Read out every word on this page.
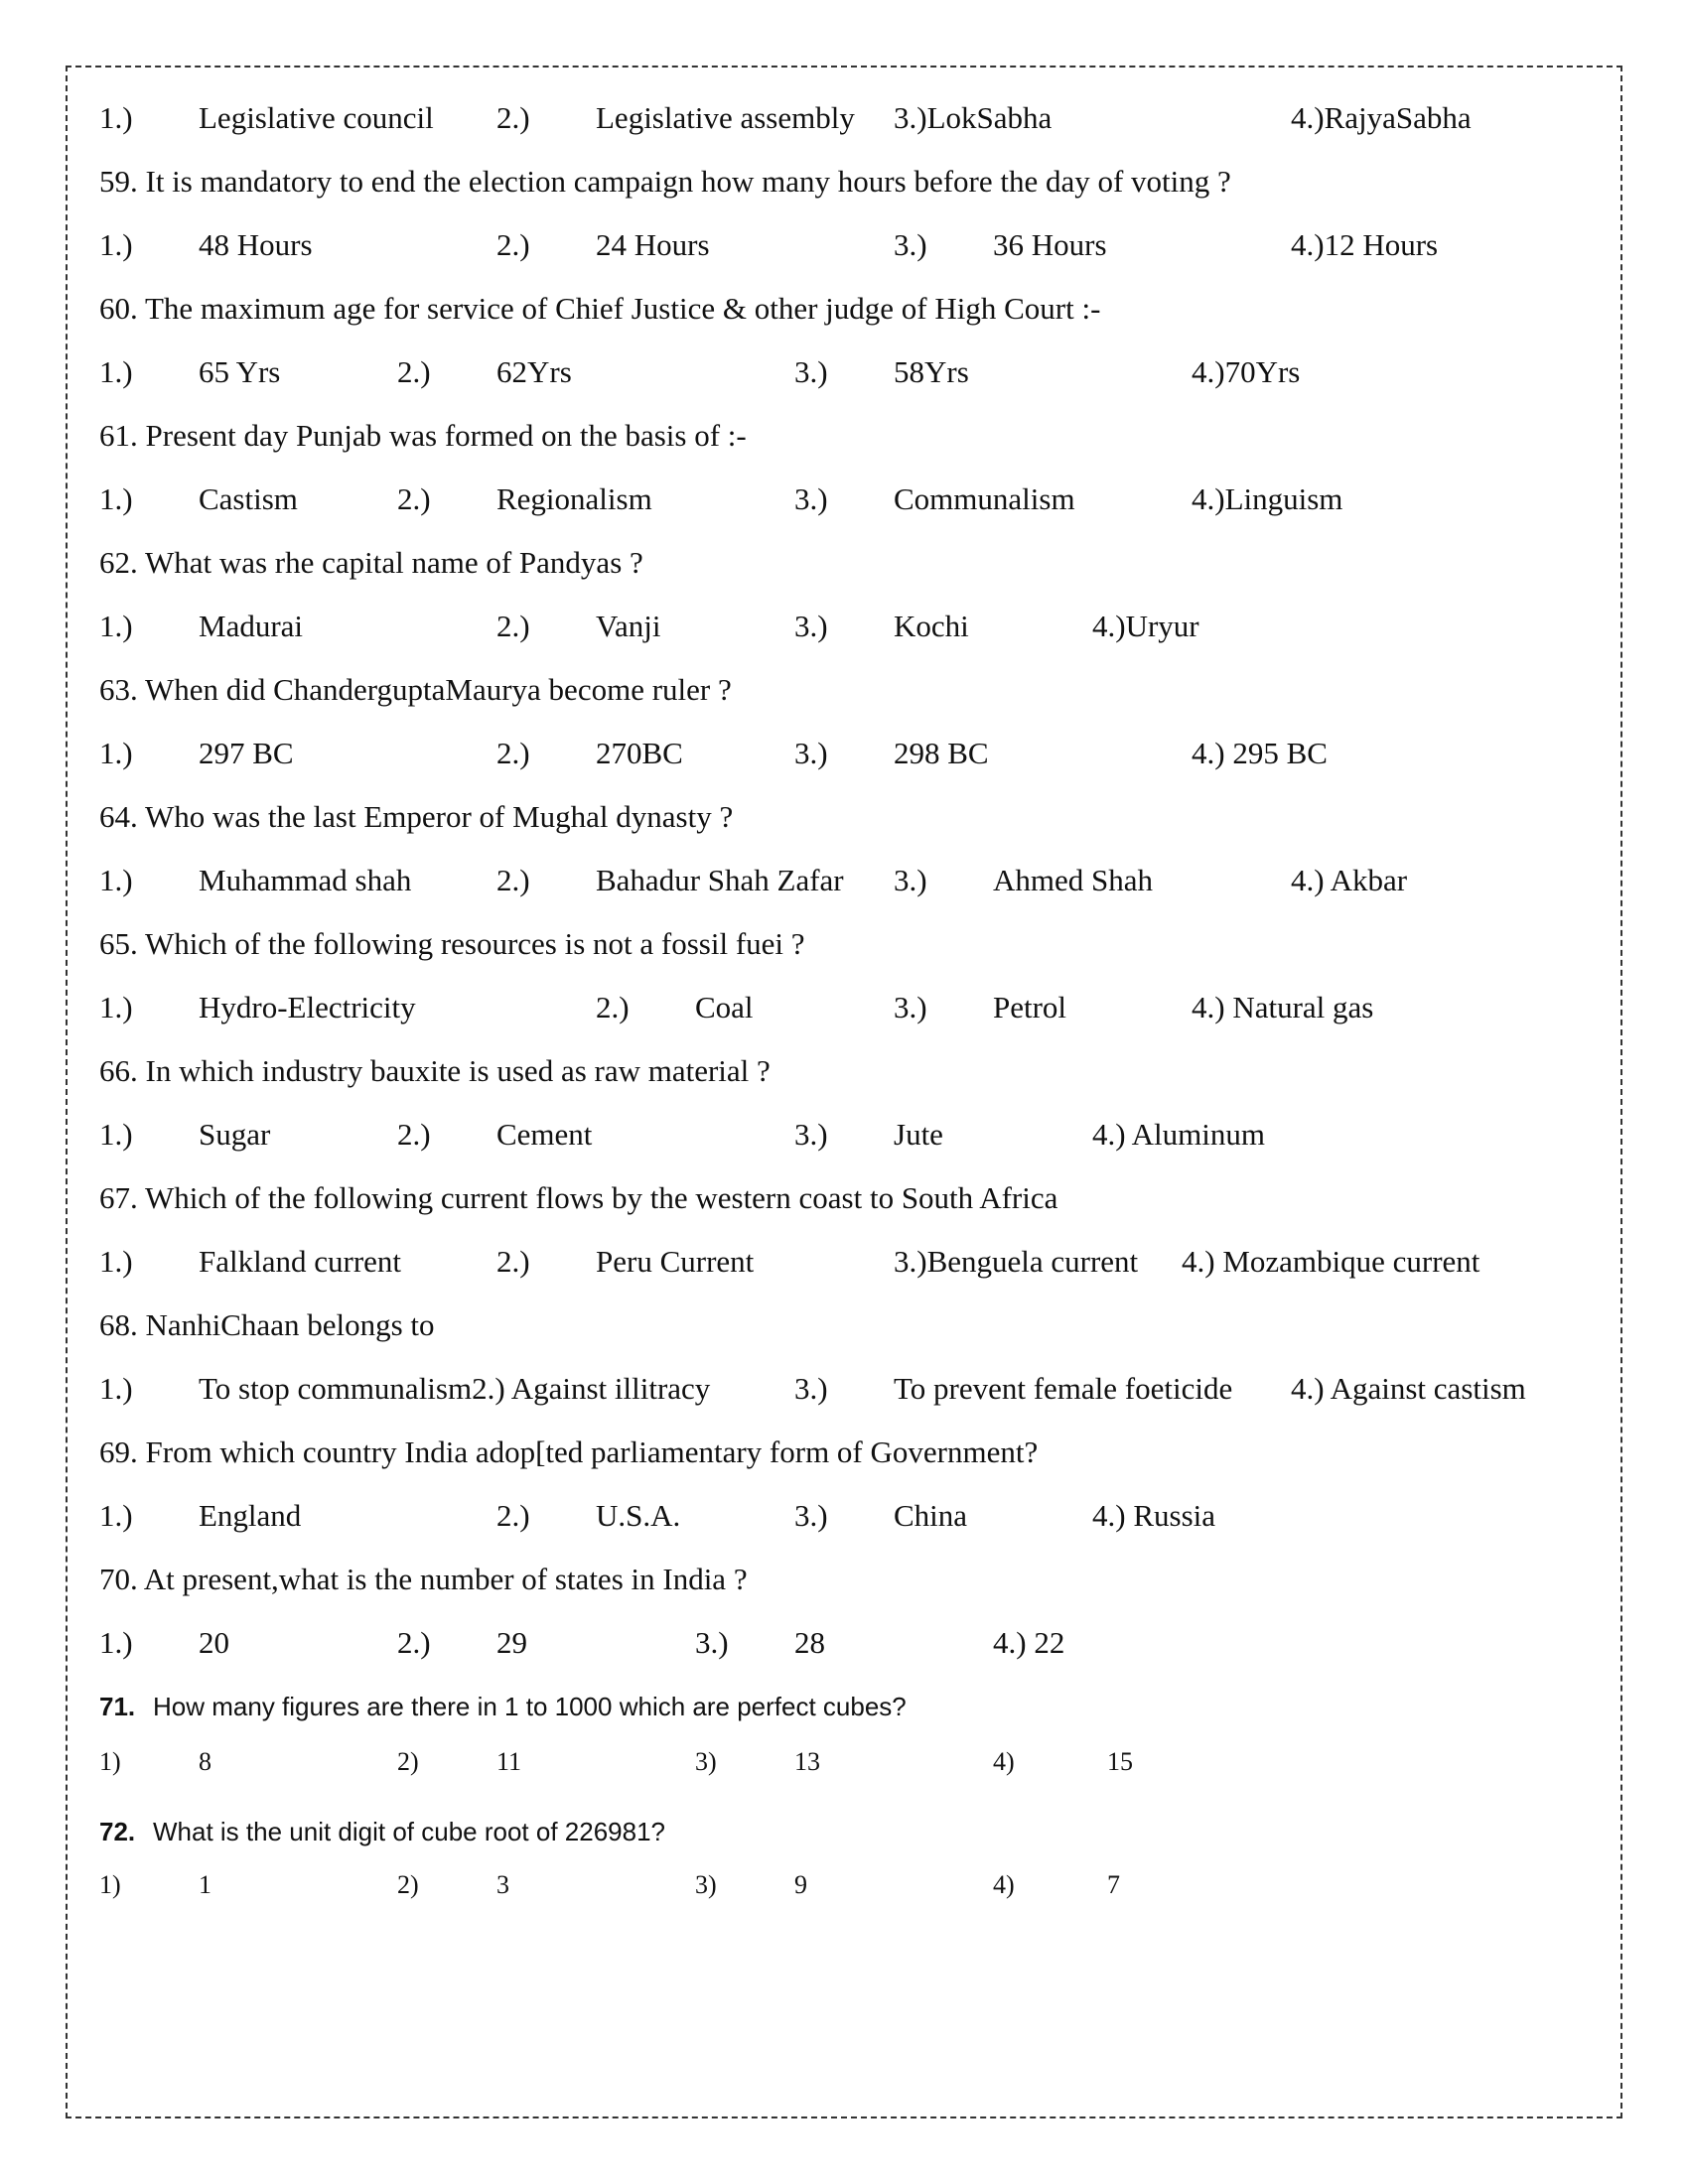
1.) Legislative council 2.) Legislative assembly 3.)LokSabha	4.)RajyaSabha
59. It is mandatory to end the election campaign how many hours before the day of voting ?
1.) 48 Hours	2.) 24 Hours	3.) 36 Hours	4.)12 Hours
60. The maximum age for service of Chief Justice & other judge of High Court :-
1.) 65 Yrs	2.) 62Yrs	3.) 58Yrs	4.)70Yrs
61. Present day Punjab was formed on the basis of :-
1.) Castism	2.) Regionalism	3.) Communalism	4.)Linguism
62. What was rhe capital name of Pandyas ?
1.) Madurai	2.) Vanji	3.) Kochi	4.)Uryur
63. When did ChanderguptaMaurya become ruler ?
1.) 297 BC	2.) 270BC	3.) 298 BC	4.) 295 BC
64. Who was the last Emperor of Mughal dynasty ?
1.) Muhammad shah	2.) Bahadur Shah Zafar 3.) Ahmed Shah	4.) Akbar
65. Which of the following resources is not a fossil fuei ?
1.) Hydro-Electricity	2.) Coal	3.) Petrol	4.) Natural gas
66. In which industry bauxite is used as raw material ?
1.) Sugar	2.) Cement	3.) Jute	4.) Aluminum
67. Which of the following current flows by the western coast to South Africa
1.) Falkland current	2.) Peru Current	3.)Benguela current 4.) Mozambique current
68. NanhiChaan belongs to
1.) To stop communalism2.) Against illitracy	3.) To prevent female foeticide 4.) Against castism
69. From which country India adop[ted parliamentary form of Government?
1.) England	2.) U.S.A.	3.) China	4.) Russia
70. At present,what is the number of states in India ?
1.) 20	2.) 29	3.) 28	4.) 22
71. How many figures are there in 1 to 1000 which are perfect cubes?
1)	8	2)	11	3)	13	4)	15
72. What is the unit digit of cube root of 226981?
1)	1	2)	3	3)	9	4)	7
